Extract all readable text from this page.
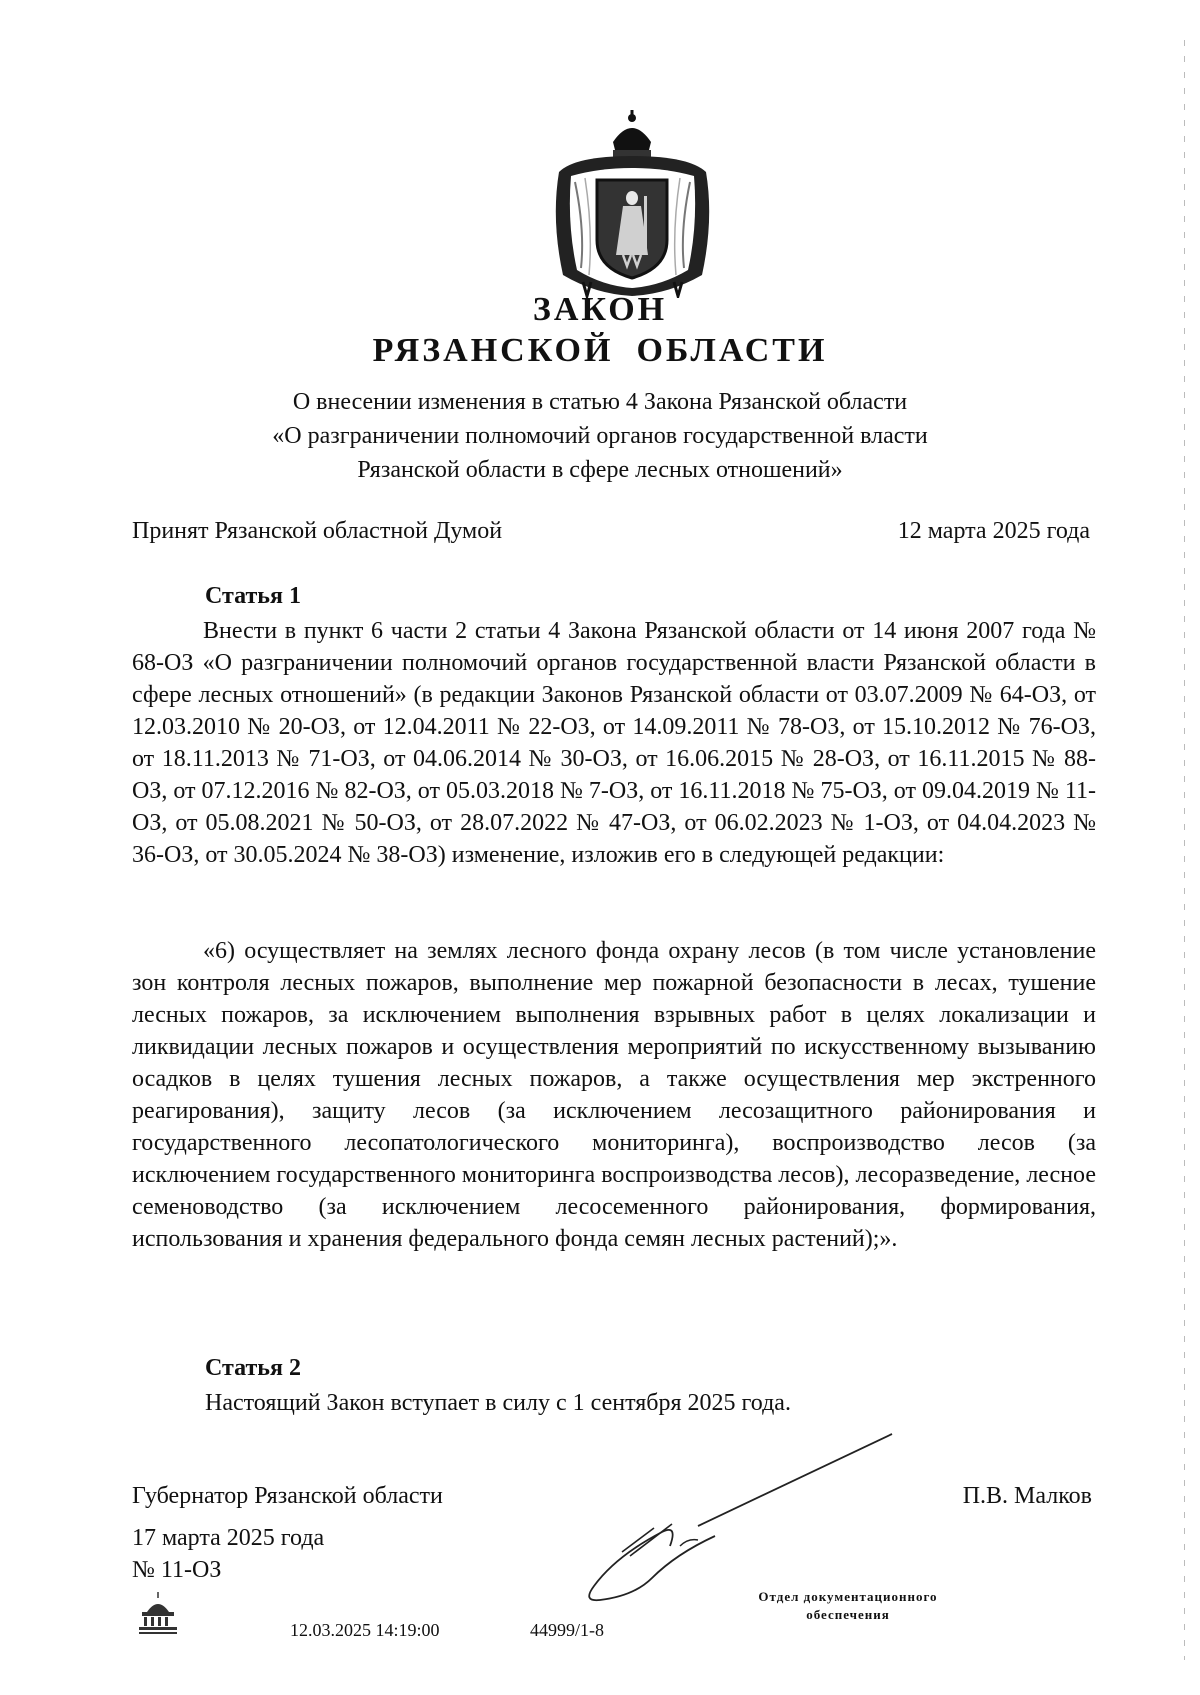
ЗАКОН
РЯЗАНСКОЙ  ОБЛАСТИ
О внесении изменения в статью 4 Закона Рязанской области
«О разграничении полномочий органов государственной власти
Рязанской области в сфере лесных отношений»
Принят Рязанской областной Думой	12 марта 2025 года
Статья 1

Внести в пункт 6 части 2 статьи 4 Закона Рязанской области от 14 июня 2007 года № 68-ОЗ «О разграничении полномочий органов государственной власти Рязанской области в сфере лесных отношений» (в редакции Законов Рязанской области от 03.07.2009 № 64-ОЗ, от 12.03.2010 № 20-ОЗ, от 12.04.2011 № 22-ОЗ, от 14.09.2011 № 78-ОЗ, от 15.10.2012 № 76-ОЗ, от 18.11.2013 № 71-ОЗ, от 04.06.2014 № 30-ОЗ, от 16.06.2015 № 28-ОЗ, от 16.11.2015 № 88-ОЗ, от 07.12.2016 № 82-ОЗ, от 05.03.2018 № 7-ОЗ, от 16.11.2018 № 75-ОЗ, от 09.04.2019 № 11-ОЗ, от 05.08.2021 № 50-ОЗ, от 28.07.2022 № 47-ОЗ, от 06.02.2023 № 1-ОЗ, от 04.04.2023 № 36-ОЗ, от 30.05.2024 № 38-ОЗ) изменение, изложив его в следующей редакции:

«6) осуществляет на землях лесного фонда охрану лесов (в том числе установление зон контроля лесных пожаров, выполнение мер пожарной безопасности в лесах, тушение лесных пожаров, за исключением выполнения взрывных работ в целях локализации и ликвидации лесных пожаров и осуществления мероприятий по искусственному вызыванию осадков в целях тушения лесных пожаров, а также осуществления мер экстренного реагирования), защиту лесов (за исключением лесозащитного районирования и государственного лесопатологического мониторинга), воспроизводство лесов (за исключением государственного мониторинга воспроизводства лесов), лесоразведение, лесное семеноводство (за исключением лесосеменного районирования, формирования, использования и хранения федерального фонда семян лесных растений);».

Статья 2
Настоящий Закон вступает в силу с 1 сентября 2025 года.
Губернатор Рязанской области	П.В. Малков
17 марта 2025 года
№ 11-ОЗ
12.03.2025 14:19:00	44999/1-8
Отдел документационного
обеспечения
